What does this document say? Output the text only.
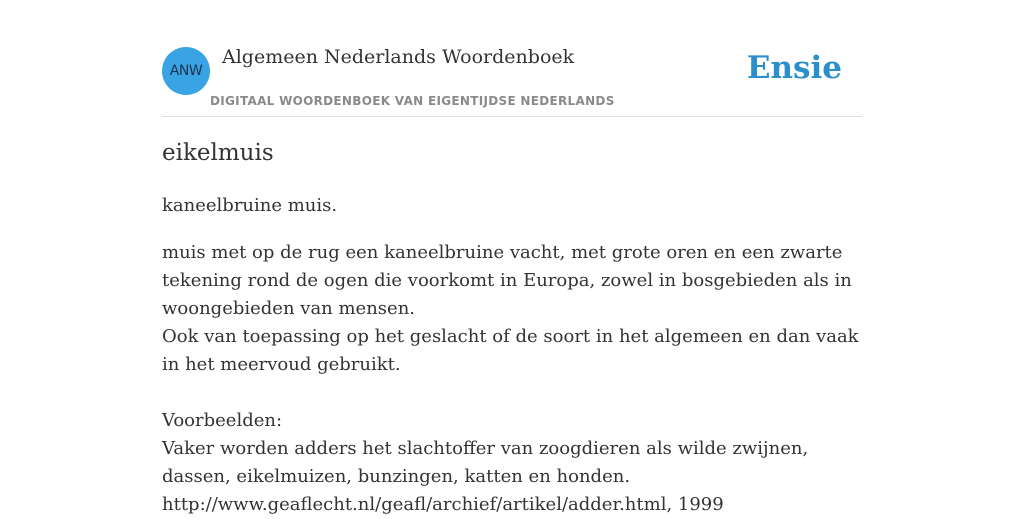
ANW
Algemeen Nederlands Woordenboek
DIGITAAL WOORDENBOEK VAN EIGENTIJDSE NEDERLANDS
Ensie
eikelmuis
kaneelbruine muis.

muis met op de rug een kaneelbruine vacht, met grote oren en een zwarte tekening rond de ogen die voorkomt in Europa, zowel in bosgebieden als in woongebieden van mensen.

Ook van toepassing op het geslacht of de soort in het algemeen en dan vaak in het meervoud gebruikt.

Voorbeelden:

Vaker worden adders het slachtoffer van zoogdieren als wilde zwijnen, dassen, eikelmuizen, bunzingen, katten en honden.

http://www.geaflecht.nl/geafl/archief/artikel/adder.html, 1999
